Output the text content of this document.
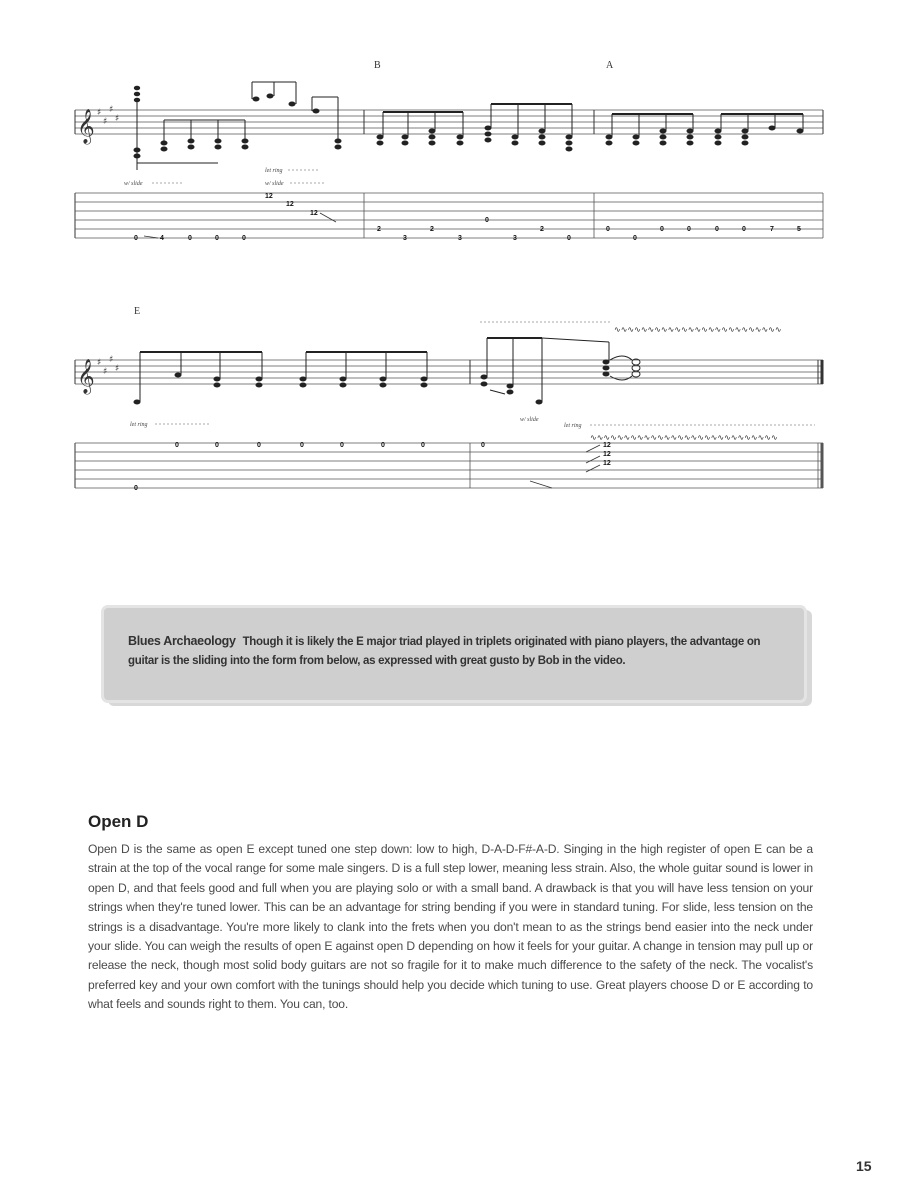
B	A
𝄞 ♯
♯
♯
♯
w/ slide
let ring
w/ slide
0	4	0	0	0
12
12
12
2
3
2
3
0
3
2
0
0
0
0	0	0	0	7	5
E
∿∿∿∿∿∿∿∿∿∿∿∿∿∿∿∿∿∿∿∿∿∿∿∿∿
𝄞 ♯
♯
♯
♯
let ring
w/ slide
let ring
∿∿∿∿∿∿∿∿∿∿∿∿∿∿∿∿∿∿∿∿∿∿∿∿∿∿∿∿
0
0	0	0	0	0	0	0	0	12
12
12
Blues Archaeology Though it is likely the E major triad played in triplets originated with piano players, the advantage on guitar is the sliding into the form from below, as expressed with great gusto by Bob in the video.
Open D
Open D is the same as open E except tuned one step down: low to high, D-A-D-F#-A-D. Singing in the high register of open E can be a strain at the top of the vocal range for some male singers. D is a full step lower, meaning less strain. Also, the whole guitar sound is lower in open D, and that feels good and full when you are playing solo or with a small band. A drawback is that you will have less tension on your strings when they're tuned lower. This can be an advantage for string bending if you were in standard tuning. For slide, less tension on the strings is a disadvantage. You're more likely to clank into the frets when you don't mean to as the strings bend easier into the neck under your slide. You can weigh the results of open E against open D depending on how it feels for your guitar. A change in tension may pull up or release the neck, though most solid body guitars are not so fragile for it to make much difference to the safety of the neck. The vocalist's preferred key and your own comfort with the tunings should help you decide which tuning to use. Great players choose D or E according to what feels and sounds right to them. You can, too.
15
